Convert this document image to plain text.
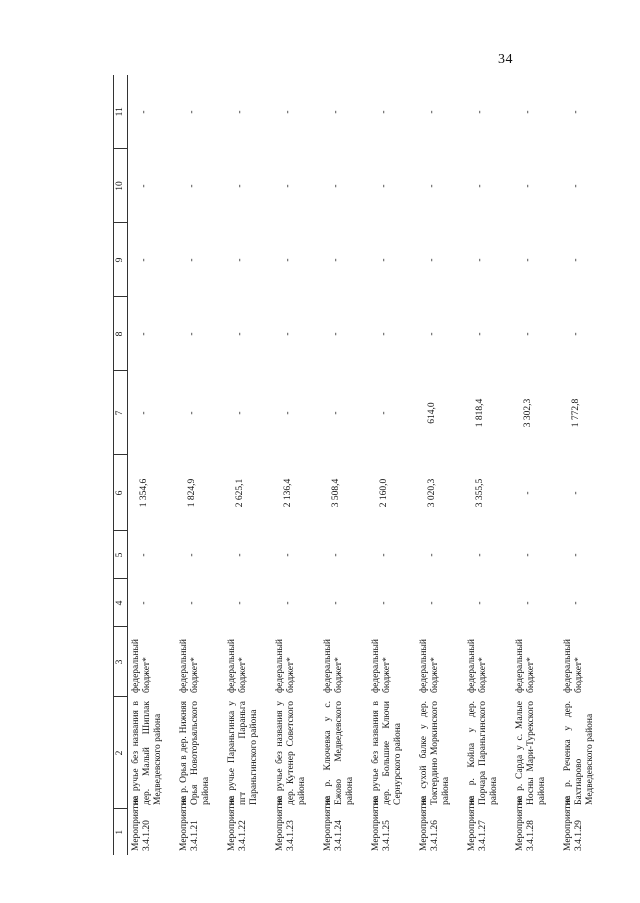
34
1	2	3	4	5	6	7	8	9	10	11
Мероприятие 3.4.1.20	на ручье без названия в дер. Малый Шиплак Медведевского района	федеральный бюджет*	-	-	1 354,6	-	-	-	-	-
Мероприятие 3.4.1.21	на р. Орья в дер. Нижняя Орья Новоторъяльского района	федеральный бюджет*	-	-	1 824,9	-	-	-	-	-
Мероприятие 3.4.1.22	на ручье Параньгинка у пгт Параньга Параньгинского района	федеральный бюджет*	-	-	2 625,1	-	-	-	-	-
Мероприятие 3.4.1.23	на ручье без названия у дер. Кутенер Советского района	федеральный бюджет*	-	-	2 136,4	-	-	-	-	-
Мероприятие 3.4.1.24	на р. Ключевка у с. Ежово Медведевского района	федеральный бюджет*	-	-	3 508,4	-	-	-	-	-
Мероприятие 3.4.1.25	на ручье без названия в дер. Большие Ключи Сернурского района	федеральный бюджет*	-	-	2 160,0	-	-	-	-	-
Мероприятие 3.4.1.26	на сухой балке у дер. Токтердино Моркинского района	федеральный бюджет*	-	-	3 020,3	614,0	-	-	-	-
Мероприятие 3.4.1.27	на р. Койла у дер. Порчара Параньгинского района	федеральный бюджет*	-	-	3 355,5	1 818,4	-	-	-	-
Мероприятие 3.4.1.28	на р. Сарда у с. Малые Носны Мари-Турекского района	федеральный бюджет*	-	-	-	3 302,3	-	-	-	-
Мероприятие 3.4.1.29	на р. Реченка у дер. Бахтиарово Медведевского района	федеральный бюджет*	-	-	-	1 772,8	-	-	-	-
